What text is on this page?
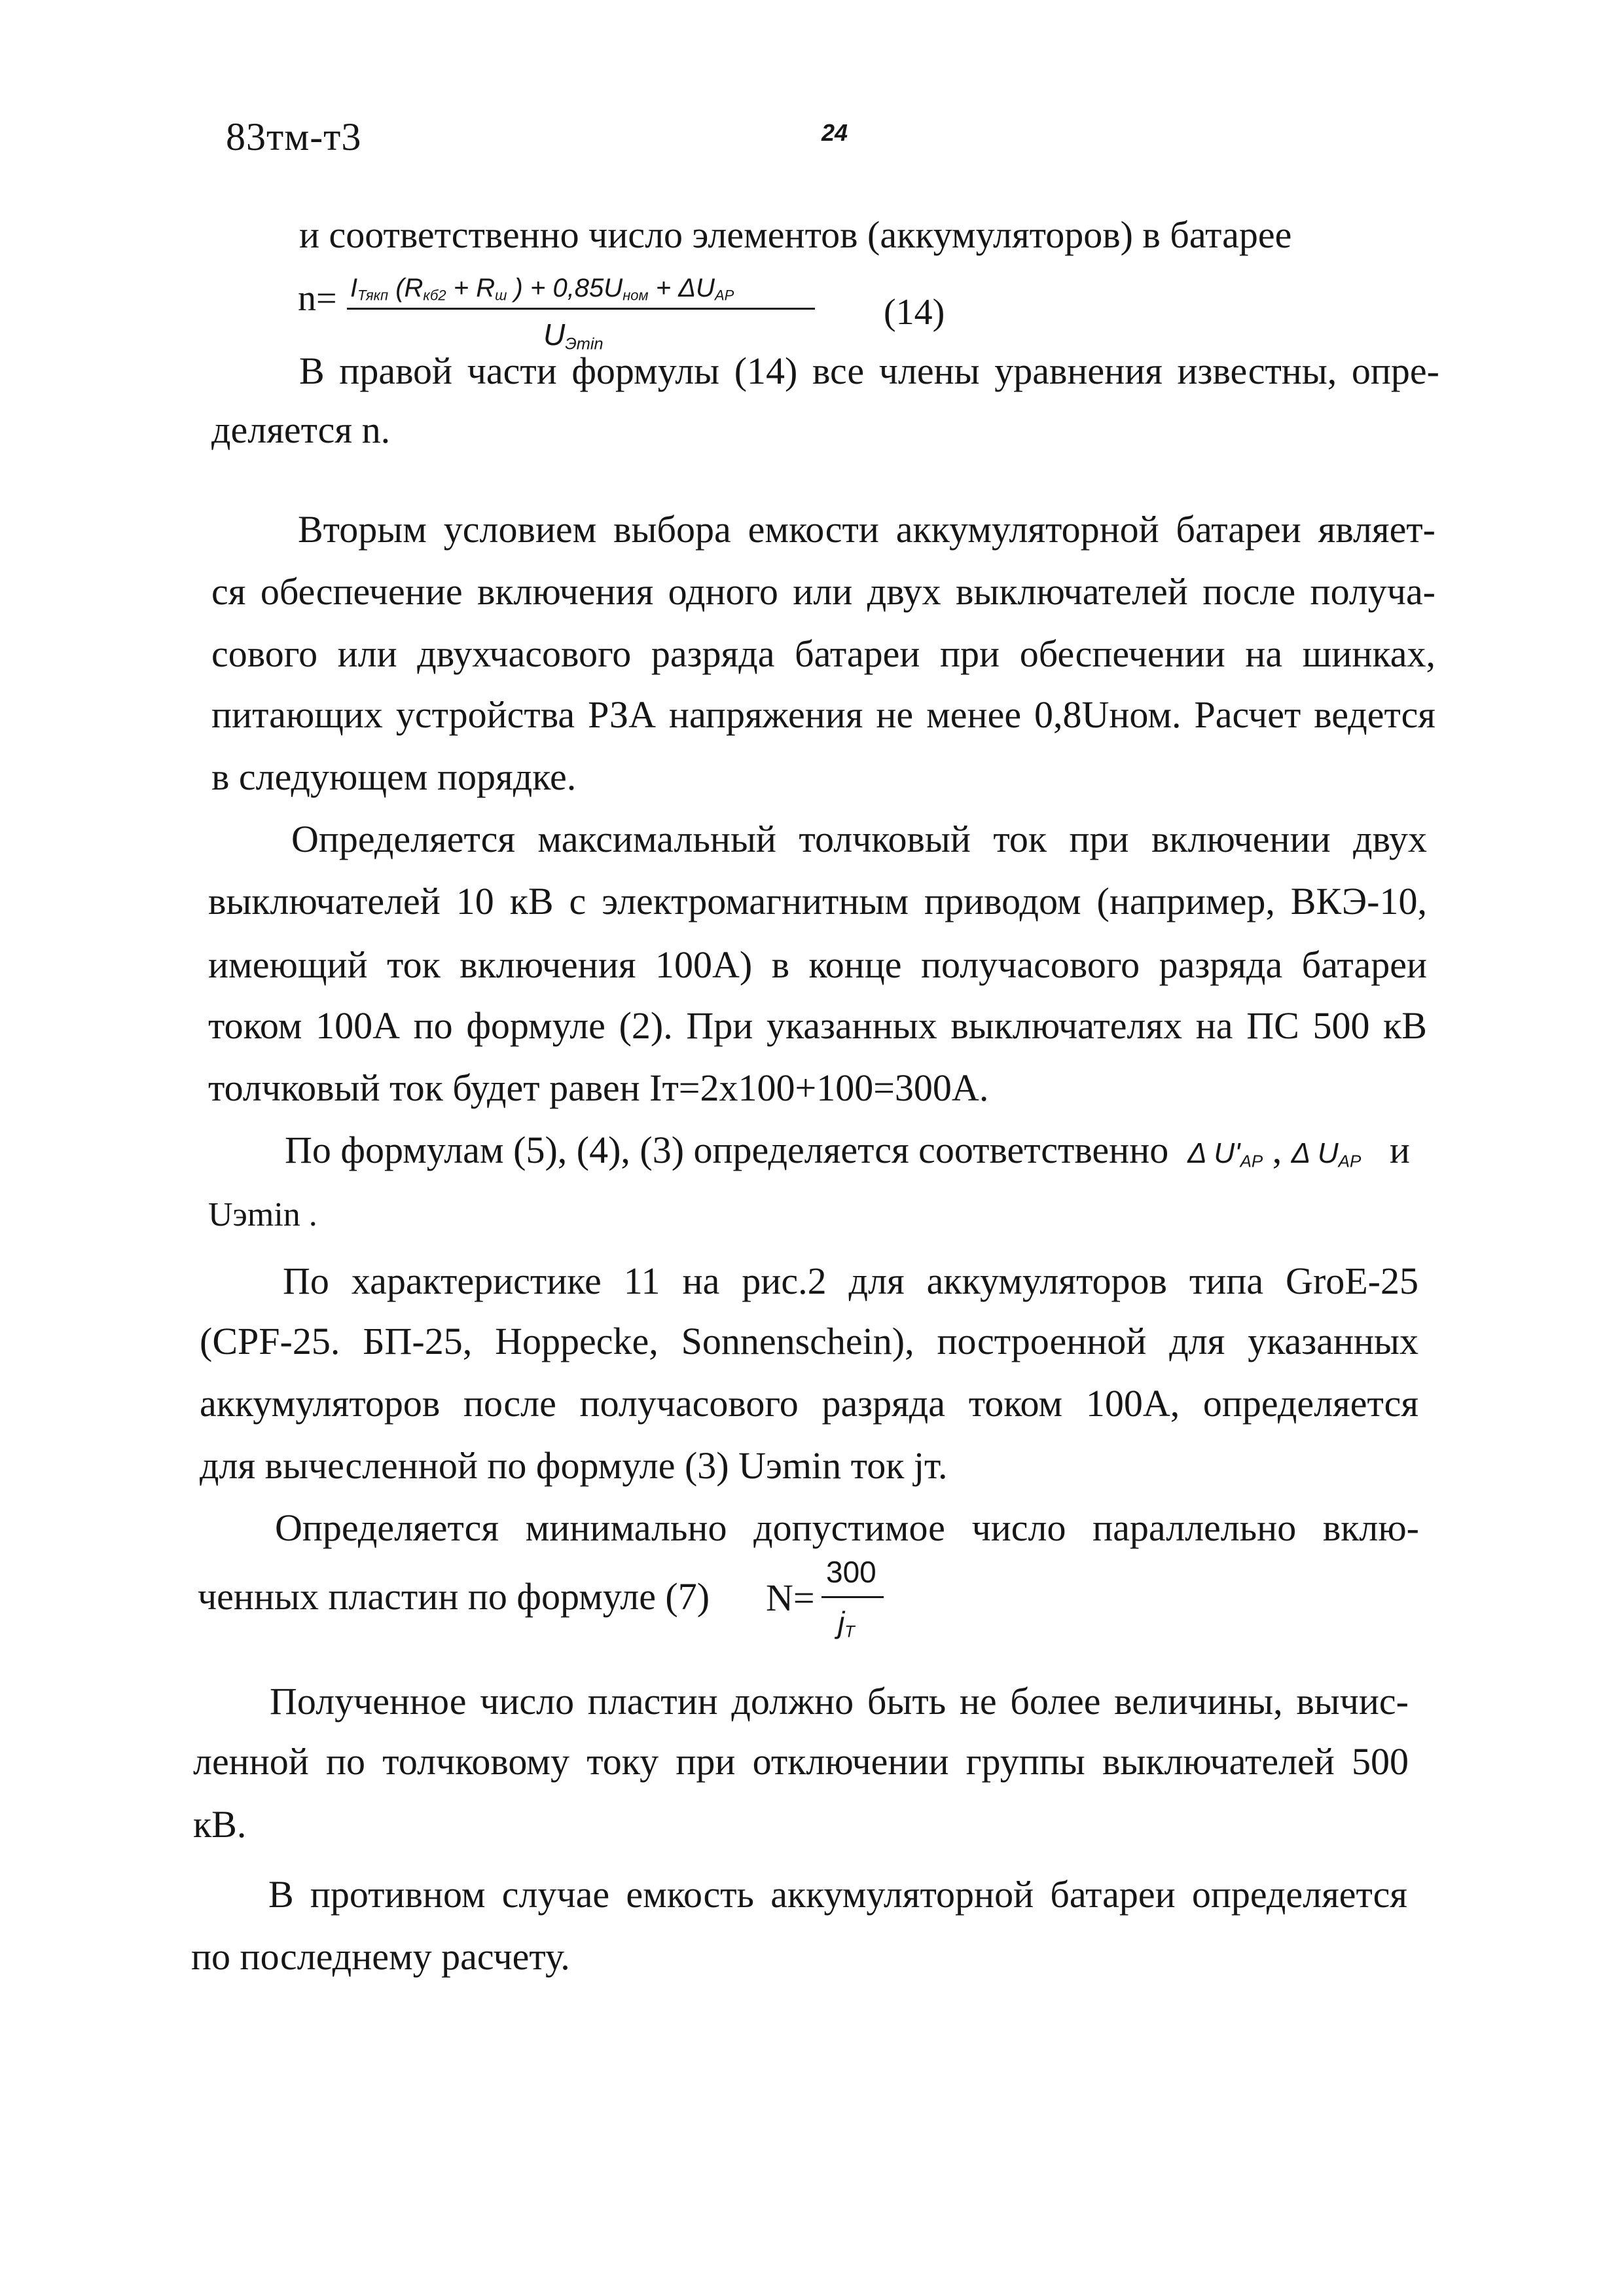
83тм-т3	24
и соответственно число элементов (аккумуляторов) в батарее
$n= I_{Тякп}$ ($R_{кб2} + R_ш$ ) + $0,85U_{ном} + \Delta U_{АР}$
$U_{Эmin}$
(14)
В правой части формулы (14) все члены уравнения известны, опре-
деляется n.
Вторым условием выбора емкости аккумуляторной батареи являет-
ся обеспечение включения одного или двух выключателей после получа-
сового или двухчасового разряда батареи при обеспечении на шинках,
питающих устройства РЗА напряжения не менее 0,8Uном. Расчет ведется
в следующем порядке.
Определяется максимальный толчковый ток при включении двух
выключателей 10 кВ с электромагнитным приводом (например, ВКЭ-10,
имеющий ток включения 100А) в конце получасового разряда батареи
током 100А по формуле (2). При указанных выключателях на ПС 500 кВ
толчковый ток будет равен Iт=2х100+100=300А.
По формулам (5), (4), (3) определяется соответственно Δ $U'_{АР}$ , Δ $U_{АР}$ и
Uэmin .
По характеристике 11 на рис.2 для аккумуляторов типа GroE-25
(CPF-25. БП-25, Hoppecke, Sonnenschein), построенной для указанных
аккумуляторов после получасового разряда током 100А, определяется
для вычесленной по формуле (3) Uэmin ток jт.
Определяется минимально допустимое число параллельно вклю-
ченных пластин по формуле (7) N=
300
$j_T$
Полученное число пластин должно быть не более величины, вычис-
ленной по толчковому току при отключении группы выключателей 500
кВ.
В противном случае емкость аккумуляторной батареи определяется
по последнему расчету.
